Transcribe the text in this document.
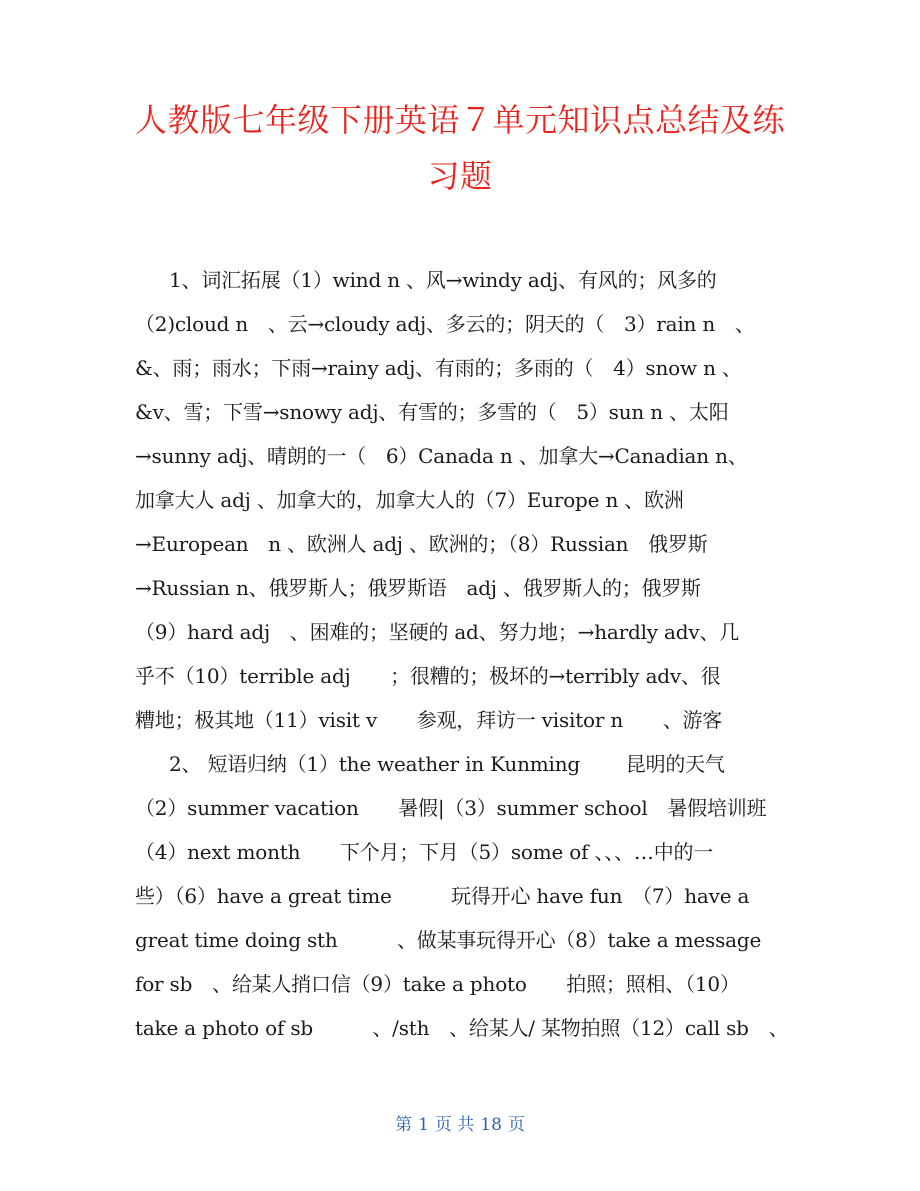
人教版七年级下册英语７单元知识点总结及练
习题
1、词汇拓展（1）wind n 、风→windy adj、有风的；风多的
（2)cloud n　、云→cloudy adj、多云的；阴天的（　3）rain n　、
&、雨；雨水；下雨→rainy adj、有雨的；多雨的（　4）snow n 、
&v、雪；下雪→snowy adj、有雪的；多雪的（　5）sun n 、太阳
→sunny adj、晴朗的一（　6）Canada n 、加拿大→Canadian n、
加拿大人 adj 、加拿大的，加拿大人的（7）Europe n 、欧洲
→European　n 、欧洲人 adj 、欧洲的；（8）Russian　俄罗斯
→Russian n、俄罗斯人；俄罗斯语　adj 、俄罗斯人的；俄罗斯
（9）hard adj　、困难的；坚硬的 ad、努力地；→hardly adv、几
乎不（10）terrible adj　　；很糟的；极坏的→terribly adv、很
糟地；极其地（11）visit v　　参观，拜访一 visitor n　　、游客
2、 短语归纳（1）the weather in Kunming　　 昆明的天气
（2）summer vacation　　暑假|（3）summer school　暑假培训班
（4）next month　　下个月；下月（5）some of 、、、…中的一
些）（6）have a great time　　　玩得开心 have fun　（7）have a
great time doing sth　　　、做某事玩得开心（8）take a message
for sb　、给某人捎口信（9）take a photo　　拍照；照相、（10）
take a photo of sb　　　、/sth　、给某人/ 某物拍照（12）call sb　、
第 1 页 共 18 页
